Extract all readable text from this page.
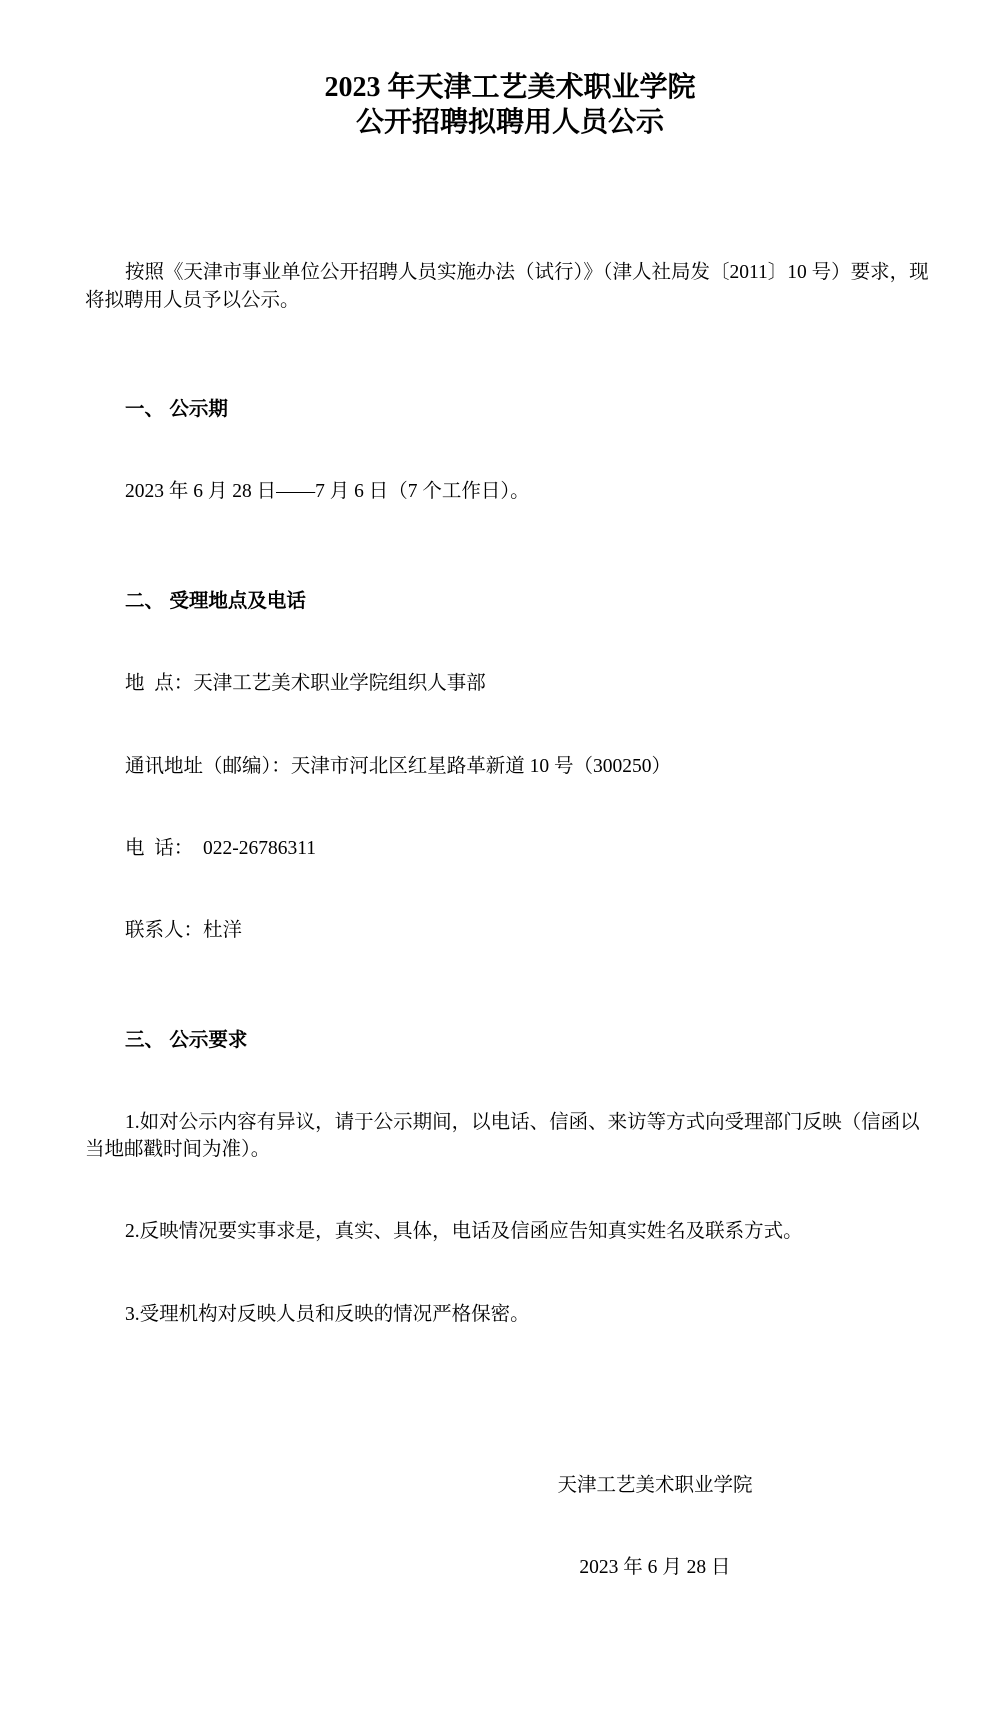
2023 年天津工艺美术职业学院
公开招聘拟聘用人员公示

按照《天津市事业单位公开招聘人员实施办法（试行）》（津人社局发〔2011〕10 号）要求，现将拟聘用人员予以公示。

一、 公示期

2023 年 6 月 28 日——7 月 6 日（7 个工作日）。

二、 受理地点及电话

地  点：天津工艺美术职业学院组织人事部

通讯地址（邮编）：天津市河北区红星路革新道 10 号（300250）

电  话：  022-26786311

联系人：杜洋

三、 公示要求

1.如对公示内容有异议，请于公示期间，以电话、信函、来访等方式向受理部门反映（信函以当地邮戳时间为准）。

2.反映情况要实事求是，真实、具体，电话及信函应告知真实姓名及联系方式。

3.受理机构对反映人员和反映的情况严格保密。

天津工艺美术职业学院

2023 年 6 月 28 日
